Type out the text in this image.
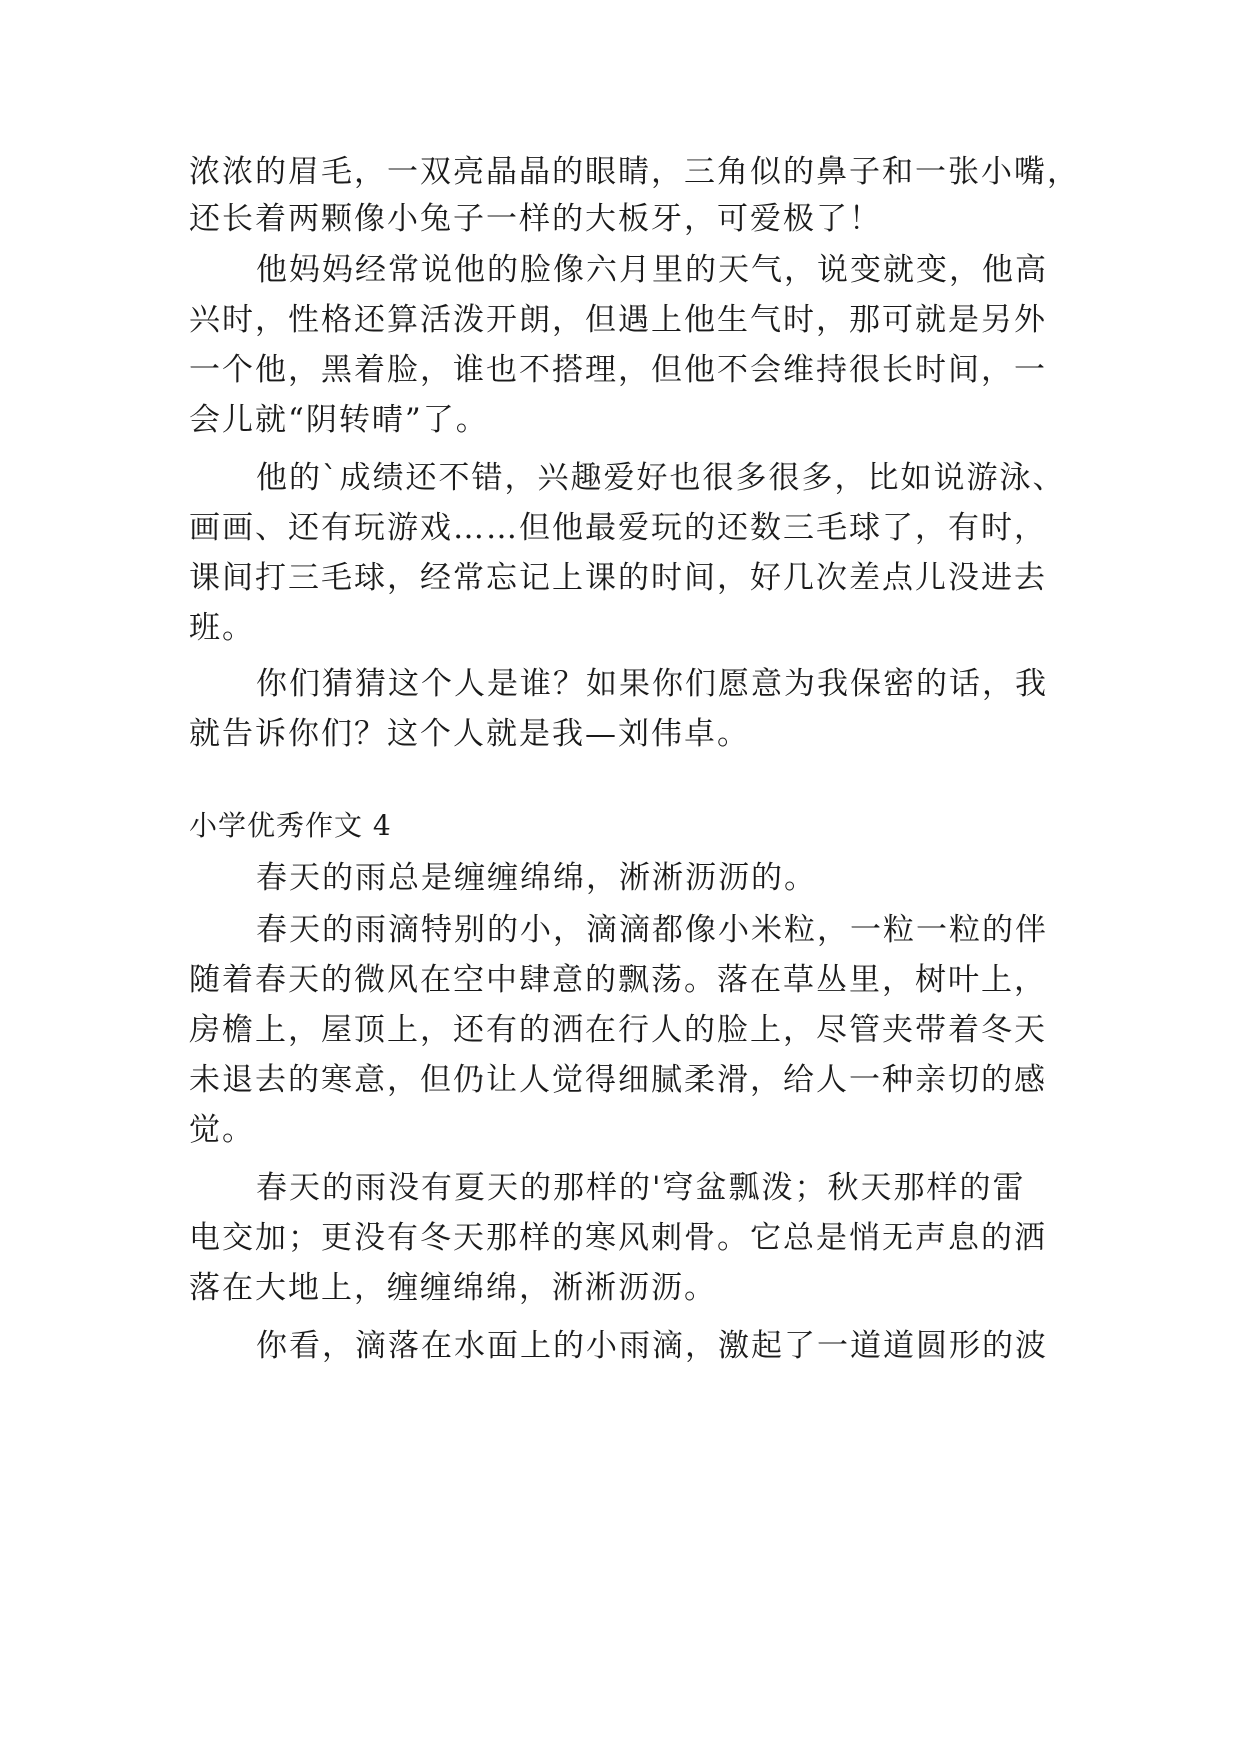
浓浓的眉毛，一双亮晶晶的眼睛，三角似的鼻子和一张小嘴，
还长着两颗像小兔子一样的大板牙，可爱极了！
他妈妈经常说他的脸像六月里的天气，说变就变，他高
兴时，性格还算活泼开朗，但遇上他生气时，那可就是另外
一个他，黑着脸，谁也不搭理，但他不会维持很长时间，一
会儿就“阴转晴”了。
他的`成绩还不错，兴趣爱好也很多很多，比如说游泳、
画画、还有玩游戏……但他最爱玩的还数三毛球了，有时，
课间打三毛球，经常忘记上课的时间，好几次差点儿没进去
班。
你们猜猜这个人是谁？如果你们愿意为我保密的话，我
就告诉你们？这个人就是我—刘伟卓。
小学优秀作文 4
春天的雨总是缠缠绵绵，淅淅沥沥的。
春天的雨滴特别的小，滴滴都像小米粒，一粒一粒的伴
随着春天的微风在空中肆意的飘荡。落在草丛里，树叶上，
房檐上，屋顶上，还有的洒在行人的脸上，尽管夹带着冬天
未退去的寒意，但仍让人觉得细腻柔滑，给人一种亲切的感
觉。
春天的雨没有夏天的那样的'穹盆瓢泼；秋天那样的雷
电交加；更没有冬天那样的寒风刺骨。它总是悄无声息的洒
落在大地上，缠缠绵绵，淅淅沥沥。
你看，滴落在水面上的小雨滴，激起了一道道圆形的波
